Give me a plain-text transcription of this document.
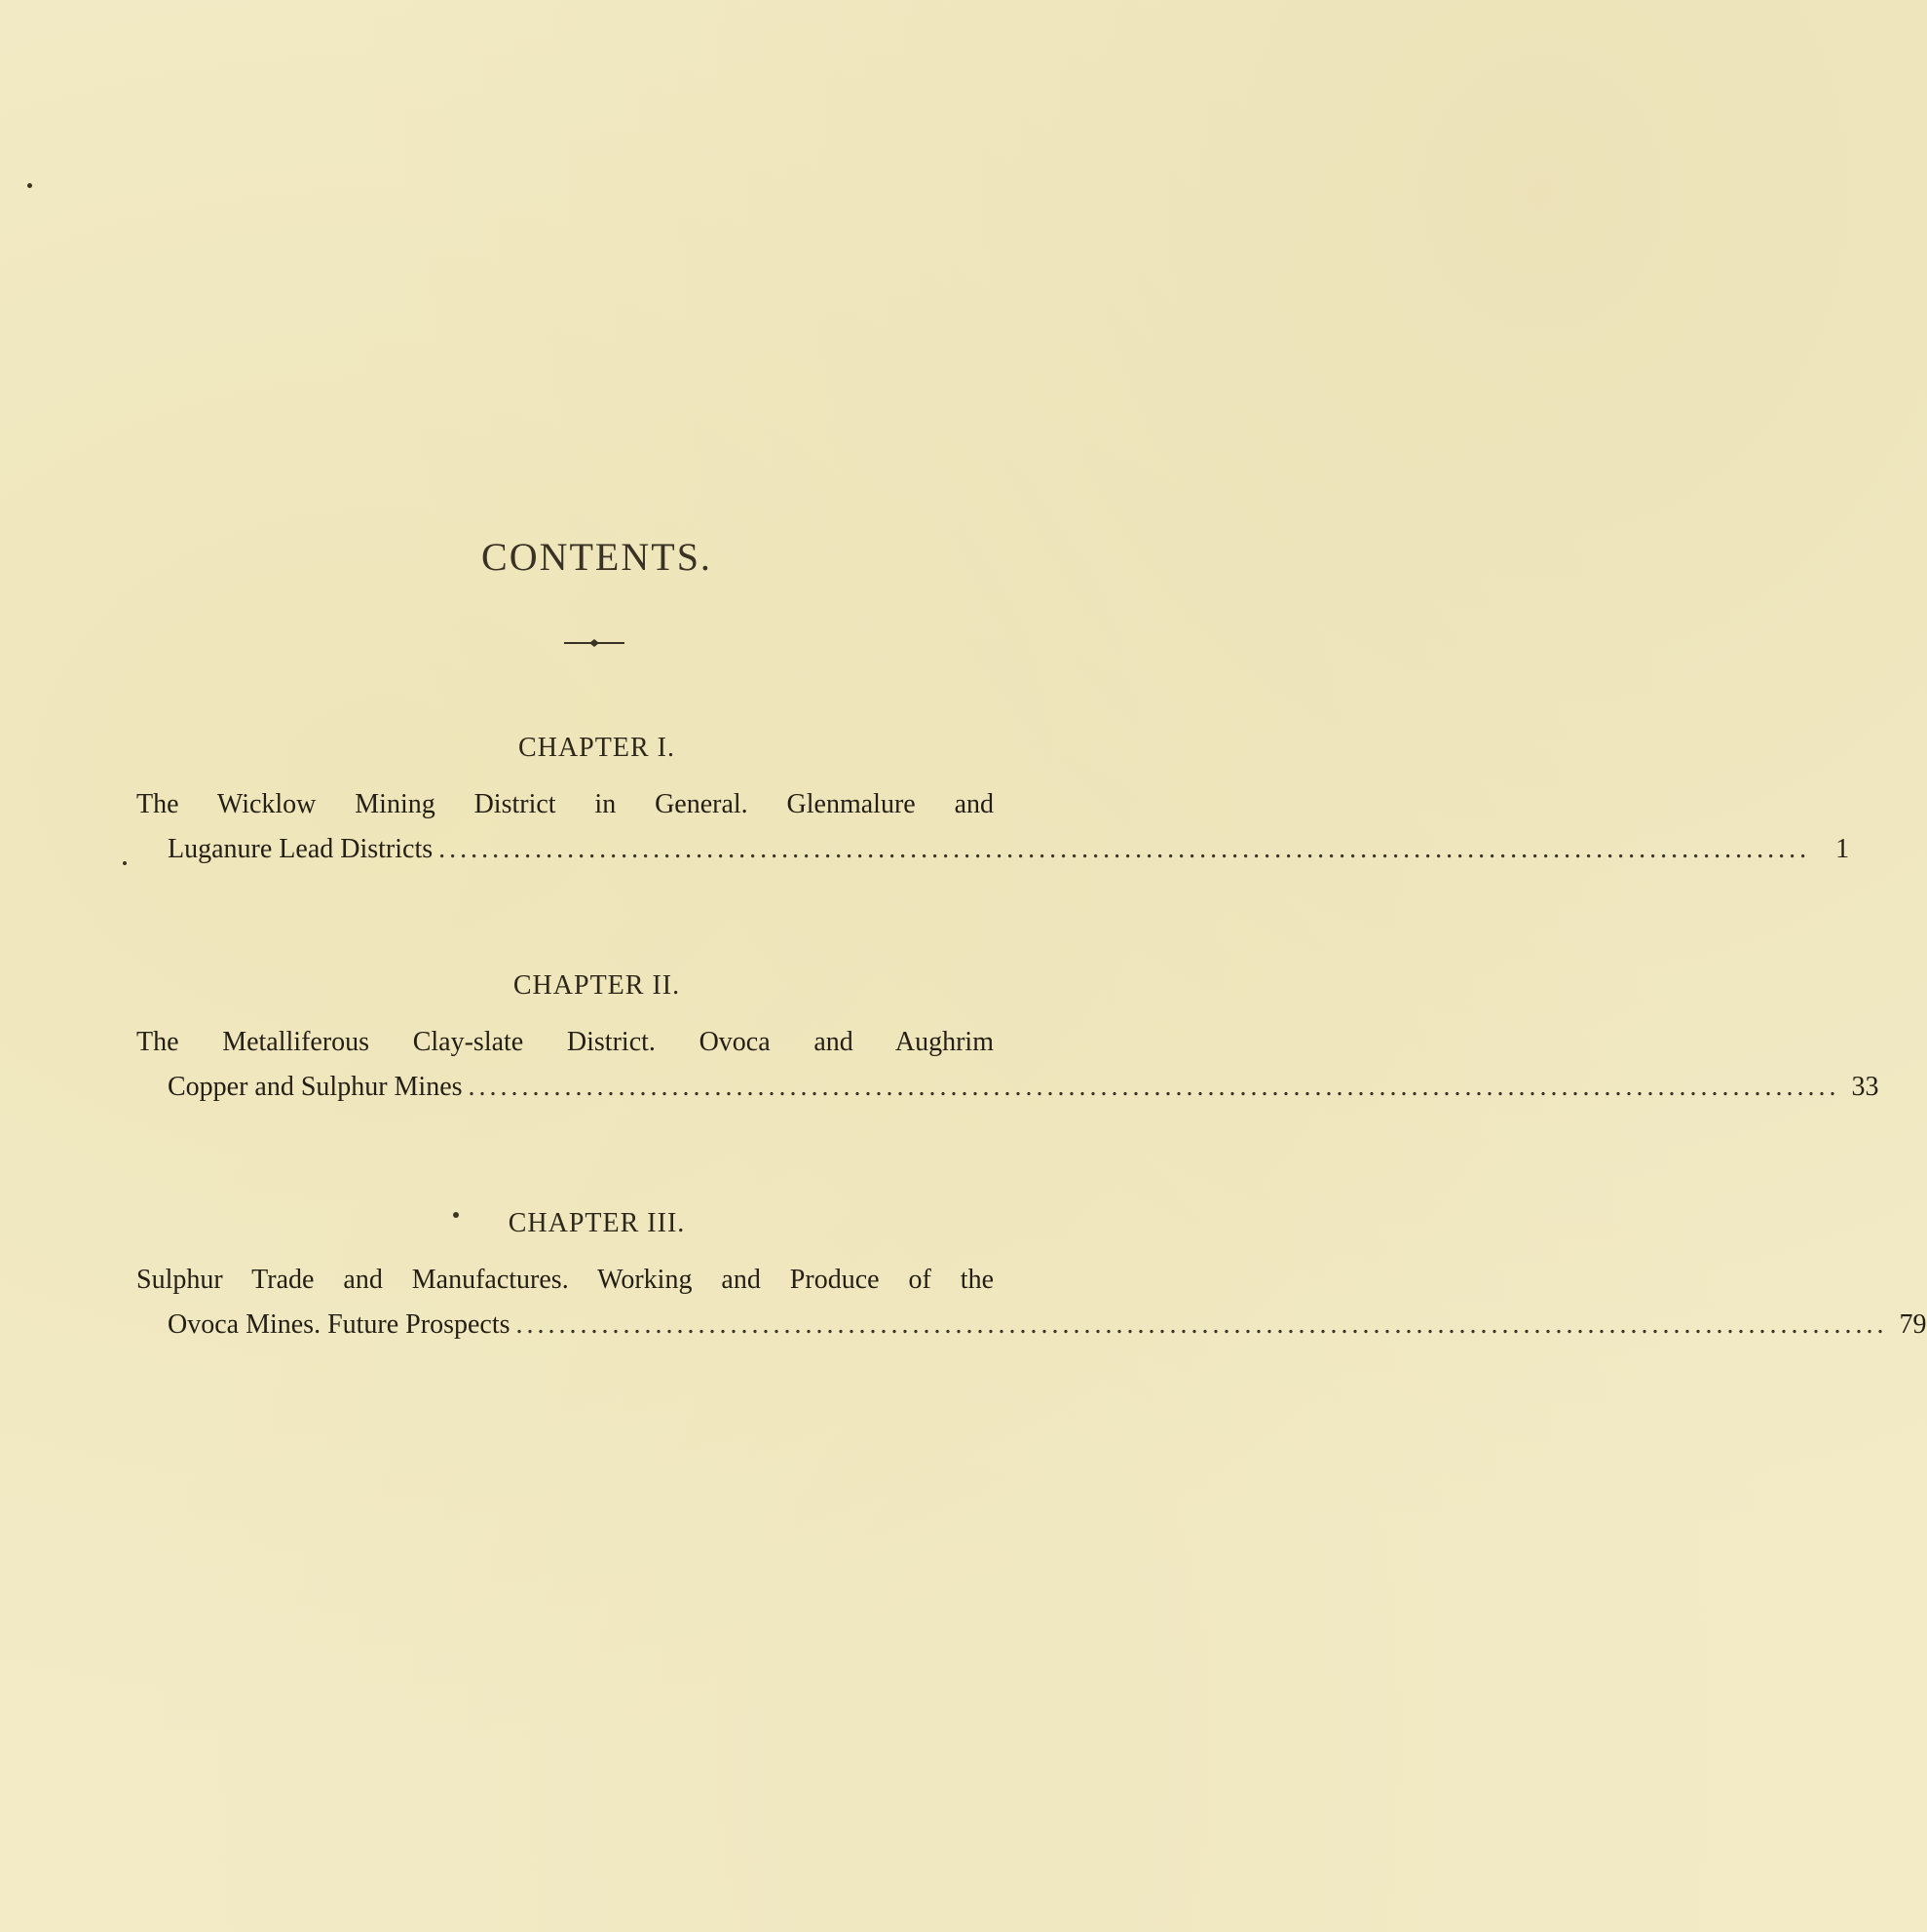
CONTENTS.
CHAPTER I.
The Wicklow Mining District in General. Glenmalure and
Luganure Lead Districts ................................................................................................................................ 1
CHAPTER II.
The Metalliferous Clay-slate District. Ovoca and Aughrim
Copper and Sulphur Mines ................................................................................................................................ 33
CHAPTER III.
Sulphur Trade and Manufactures. Working and Produce of the
Ovoca Mines. Future Prospects ................................................................................................................................ 79
